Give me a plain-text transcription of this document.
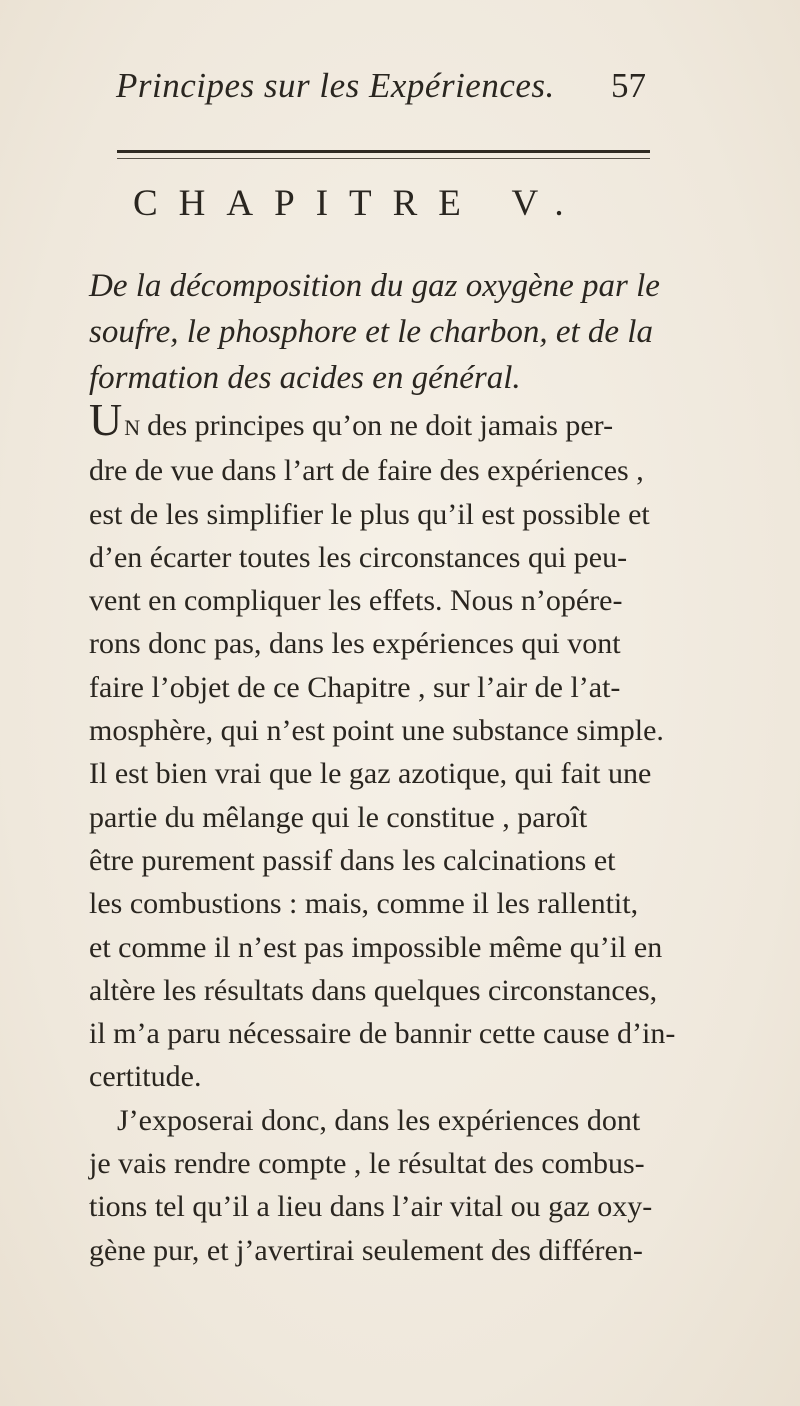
Principes sur les Expériences. 57
CHAPITRE V.
De la décomposition du gaz oxygène par le
soufre, le phosphore et le charbon, et de la
formation des acides en général.
UN des principes qu’on ne doit jamais per-
dre de vue dans l’art de faire des expériences ,
est de les simplifier le plus qu’il est possible et
d’en écarter toutes les circonstances qui peu-
vent en compliquer les effets. Nous n’opére-
rons donc pas, dans les expériences qui vont
faire l’objet de ce Chapitre , sur l’air de l’at-
mosphère, qui n’est point une substance simple.
Il est bien vrai que le gaz azotique, qui fait une
partie du mêlange qui le constitue , paroît
être purement passif dans les calcinations et
les combustions : mais, comme il les rallentit,
et comme il n’est pas impossible même qu’il en
altère les résultats dans quelques circonstances,
il m’a paru nécessaire de bannir cette cause d’in-
certitude.
J’exposerai donc, dans les expériences dont
je vais rendre compte , le résultat des combus-
tions tel qu’il a lieu dans l’air vital ou gaz oxy-
gène pur, et j’avertirai seulement des différen-
